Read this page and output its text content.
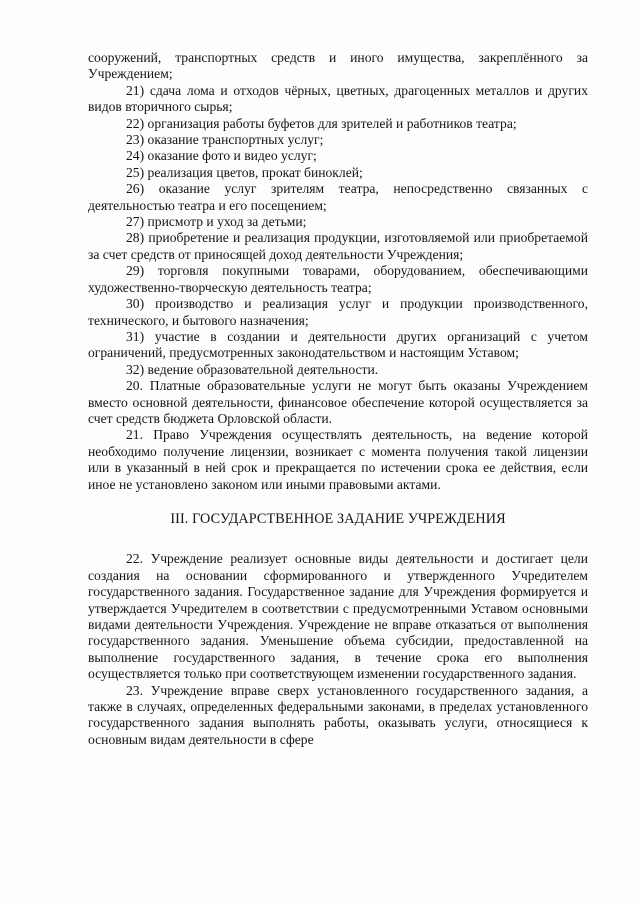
сооружений, транспортных средств и иного имущества, закреплённого за Учреждением;

21) сдача лома и отходов чёрных, цветных, драгоценных металлов и других видов вторичного сырья;

22) организация работы буфетов для зрителей и работников театра;

23) оказание транспортных услуг;

24) оказание фото и видео услуг;

25) реализация цветов, прокат биноклей;

26) оказание услуг зрителям театра, непосредственно связанных с деятельностью театра и его посещением;

27) присмотр и уход за детьми;

28) приобретение и реализация продукции, изготовляемой или приобретаемой за счет средств от приносящей доход деятельности Учреждения;

29) торговля покупными товарами, оборудованием, обеспечивающими художественно-творческую деятельность театра;

30) производство и реализация услуг и продукции производственного, технического, и бытового назначения;

31) участие в создании и деятельности других организаций с учетом ограничений, предусмотренных законодательством и настоящим Уставом;

32) ведение образовательной деятельности.

20. Платные образовательные услуги не могут быть оказаны Учреждением вместо основной деятельности, финансовое обеспечение которой осуществляется за счет средств бюджета Орловской области.

21. Право Учреждения осуществлять деятельность, на ведение которой необходимо получение лицензии, возникает с момента получения такой лицензии или в указанный в ней срок и прекращается по истечении срока ее действия, если иное не установлено законом или иными правовыми актами.

III. ГОСУДАРСТВЕННОЕ ЗАДАНИЕ УЧРЕЖДЕНИЯ

22. Учреждение реализует основные виды деятельности и достигает цели создания на основании сформированного и утвержденного Учредителем государственного задания. Государственное задание для Учреждения формируется и утверждается Учредителем в соответствии с предусмотренными Уставом основными видами деятельности Учреждения. Учреждение не вправе отказаться от выполнения государственного задания. Уменьшение объема субсидии, предоставленной на выполнение государственного задания, в течение срока его выполнения осуществляется только при соответствующем изменении государственного задания.

23. Учреждение вправе сверх установленного государственного задания, а также в случаях, определенных федеральными законами, в пределах установленного государственного задания выполнять работы, оказывать услуги, относящиеся к основным видам деятельности в сфере
